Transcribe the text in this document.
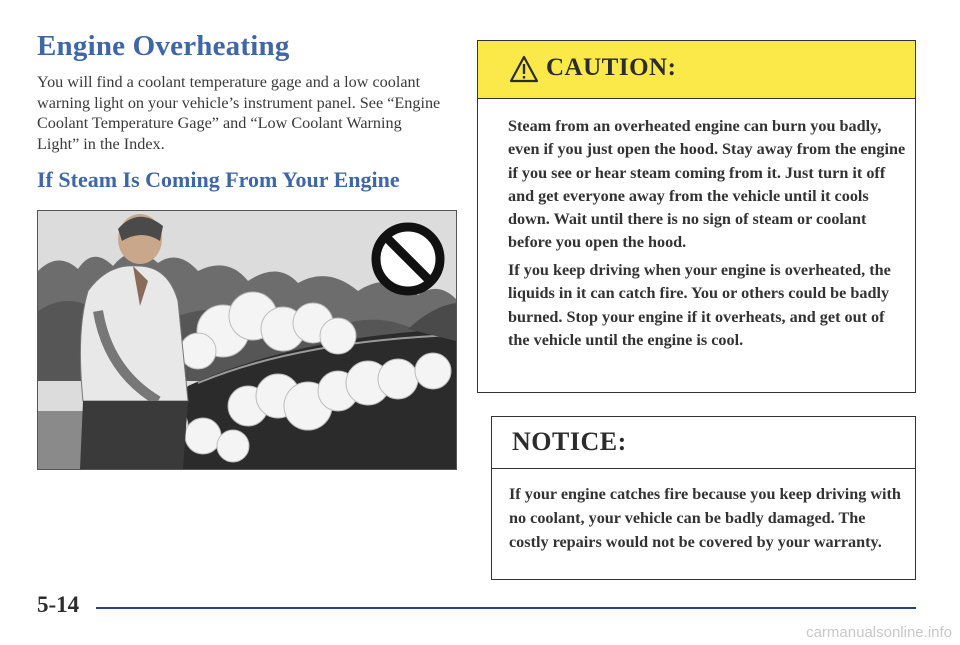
Engine Overheating

You will find a coolant temperature gage and a low coolant warning light on your vehicle’s instrument panel. See “Engine Coolant Temperature Gage” and “Low Coolant Warning Light” in the Index.

If Steam Is Coming From Your Engine
CAUTION:

Steam from an overheated engine can burn you badly, even if you just open the hood. Stay away from the engine if you see or hear steam coming from it. Just turn it off and get everyone away from the vehicle until it cools down. Wait until there is no sign of steam or coolant before you open the hood.

If you keep driving when your engine is overheated, the liquids in it can catch fire. You or others could be badly burned. Stop your engine if it overheats, and get out of the vehicle until the engine is cool.

NOTICE:

If your engine catches fire because you keep driving with no coolant, your vehicle can be badly damaged. The costly repairs would not be covered by your warranty.

5-14
carmanualsonline.info
